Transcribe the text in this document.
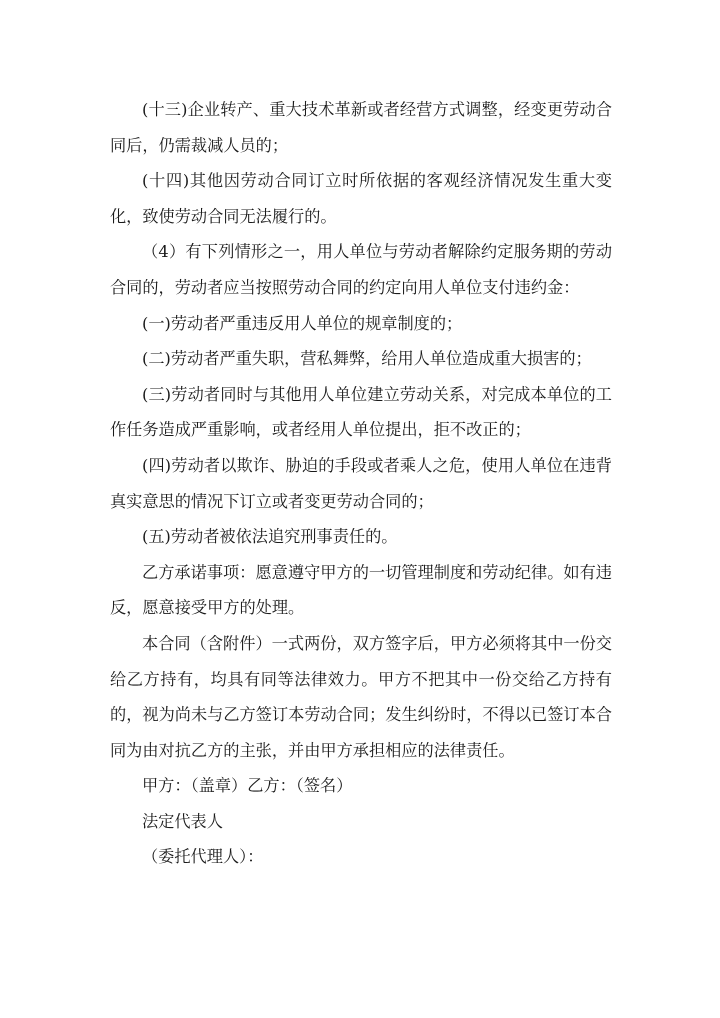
(十三)企业转产、重大技术革新或者经营方式调整，经变更劳动合同后，仍需裁减人员的；

(十四)其他因劳动合同订立时所依据的客观经济情况发生重大变化，致使劳动合同无法履行的。

（4）有下列情形之一，用人单位与劳动者解除约定服务期的劳动合同的，劳动者应当按照劳动合同的约定向用人单位支付违约金：

(一)劳动者严重违反用人单位的规章制度的；

(二)劳动者严重失职，营私舞弊，给用人单位造成重大损害的；

(三)劳动者同时与其他用人单位建立劳动关系，对完成本单位的工作任务造成严重影响，或者经用人单位提出，拒不改正的；

(四)劳动者以欺诈、胁迫的手段或者乘人之危，使用人单位在违背真实意思的情况下订立或者变更劳动合同的；

(五)劳动者被依法追究刑事责任的。

乙方承诺事项：愿意遵守甲方的一切管理制度和劳动纪律。如有违反，愿意接受甲方的处理。

本合同（含附件）一式两份，双方签字后，甲方必须将其中一份交给乙方持有，均具有同等法律效力。甲方不把其中一份交给乙方持有的，视为尚未与乙方签订本劳动合同；发生纠纷时，不得以已签订本合同为由对抗乙方的主张，并由甲方承担相应的法律责任。

甲方：（盖章）乙方：（签名）

法定代表人

（委托代理人）：
